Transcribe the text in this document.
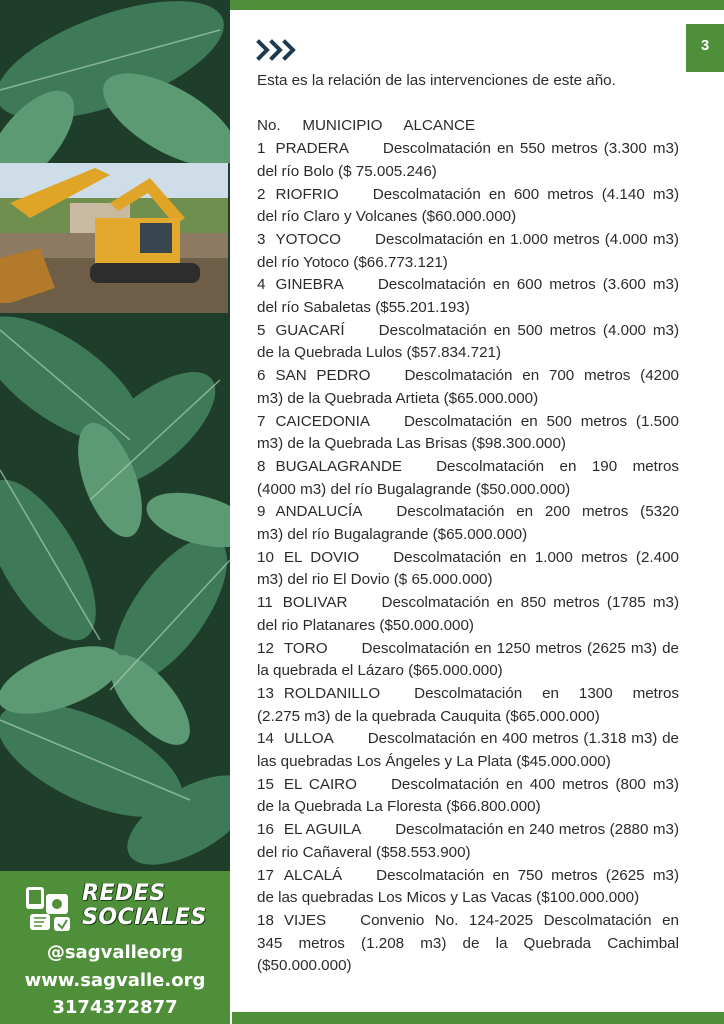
REDES
SOCIALES
@sagvalleorg
www.sagvalle.org
3174372877
3

Esta es la relación de las intervenciones de este año.

No. MUNICIPIO ALCANCE
1 PRADERA Descolmatación en 550 metros (3.300 m3) del río Bolo ($ 75.005.246)
2 RIOFRIO Descolmatación en 600 metros (4.140 m3) del río Claro y Volcanes ($60.000.000)
3 YOTOCO Descolmatación en 1.000 metros (4.000 m3) del río Yotoco ($66.773.121)
4 GINEBRA Descolmatación en 600 metros (3.600 m3) del río Sabaletas ($55.201.193)
5 GUACARÍ Descolmatación en 500 metros (4.000 m3) de la Quebrada Lulos ($57.834.721)
6 SAN PEDRO Descolmatación en 700 metros (4200 m3) de la Quebrada Artieta ($65.000.000)
7 CAICEDONIA Descolmatación en 500 metros (1.500 m3) de la Quebrada Las Brisas ($98.300.000)
8 BUGALAGRANDE Descolmatación en 190 metros (4000 m3) del río Bugalagrande ($50.000.000)
9 ANDALUCÍA Descolmatación en 200 metros (5320 m3) del río Bugalagrande ($65.000.000)
10 EL DOVIO Descolmatación en 1.000 metros (2.400 m3) del rio El Dovio ($ 65.000.000)
11 BOLIVAR Descolmatación en 850 metros (1785 m3) del rio Platanares ($50.000.000)
12 TORO Descolmatación en 1250 metros (2625 m3) de la quebrada el Lázaro ($65.000.000)
13 ROLDANILLO Descolmatación en 1300 metros (2.275 m3) de la quebrada Cauquita ($65.000.000)
14 ULLOA Descolmatación en 400 metros (1.318 m3) de las quebradas Los Ángeles y La Plata ($45.000.000)
15 EL CAIRO Descolmatación en 400 metros (800 m3) de la Quebrada La Floresta ($66.800.000)
16 EL AGUILA Descolmatación en 240 metros (2880 m3) del rio Cañaveral ($58.553.900)
17 ALCALÁ Descolmatación en 750 metros (2625 m3) de las quebradas Los Micos y Las Vacas ($100.000.000)
18 VIJES Convenio No. 124-2025 Descolmatación en 345 metros (1.208 m3) de la Quebrada Cachimbal ($50.000.000)
